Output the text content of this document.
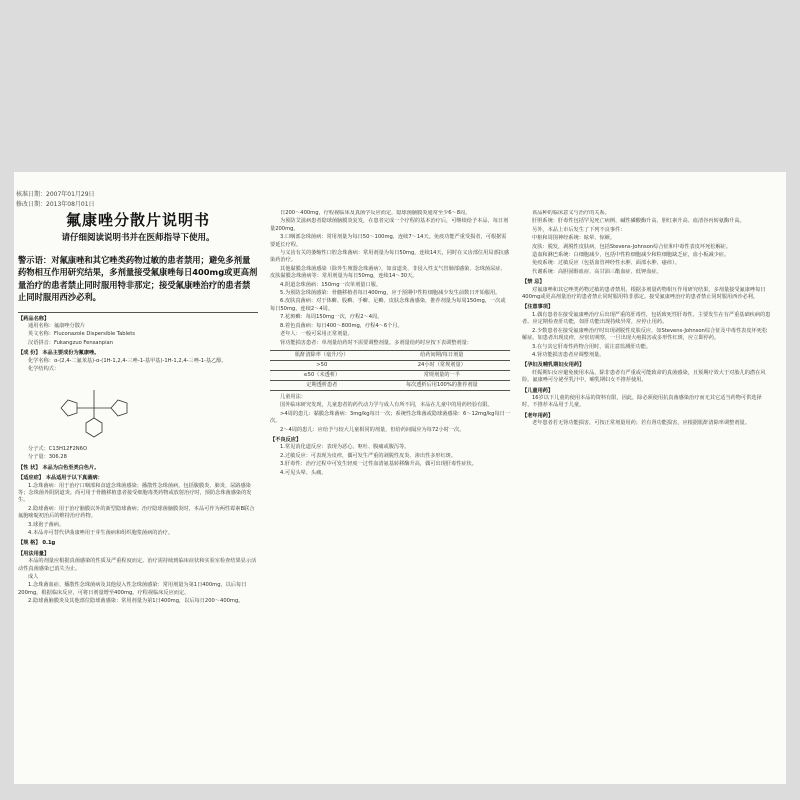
核准日期：2007年01月29日
修改日期：2013年08月01日
氟康唑分散片说明书
请仔细阅读说明书并在医师指导下使用。
警示语：对氟康唑和其它唑类药物过敏的患者禁用；避免多剂量药物相互作用研究结果，多剂量接受氟康唑每日400mg或更高剂量治疗的患者禁止同时服用特非那定；接受氟康唑治疗的患者禁止同时服用西沙必利。
【药品名称】
通用名称：氟康唑分散片
英文名称：Fluconazole Dispersible Tablets
汉语拼音：Fukangzuo Fensanpian
【成 份】 本品主要成份为氟康唑。
化学名称：α-(2,4-二氟苯基)-α-(1H-1,2,4-三唑-1-基甲基)-1H-1,2,4-三唑-1-基乙醇。
化学结构式：
分子式：C13H12F2N6O
分子量：306.28
【性 状】 本品为白色至类白色片。
【适应症】 本品适用于以下真菌病：
1.念珠菌病：用于治疗口咽部和食道念珠菌感染；播散性念珠菌病，包括腹膜炎、肺炎、尿路感染等；念珠菌外阴阴道炎。尚可用于骨髓移植患者接受细胞毒类药物或放射治疗时，预防念珠菌感染的发生。
2.隐球菌病：用于治疗脑膜以外的新型隐球菌病；治疗隐球菌脑膜炎时，本品可作为两性霉素B联合氟胞嘧啶初治后的维持治疗药物。
3.球孢子菌病。
4.本品亦可替代伊曲康唑用于芽生菌病和组织胞浆菌病的治疗。
【规 格】 0.1g
【用法用量】
本品的剂量应根据真菌感染的性质及严重程度而定。治疗需持续到临床症状和实验室检查结果显示活动性真菌感染已消失为止。
成人
1.念珠菌血症、播散性念珠菌病及其他侵入性念珠菌感染：常用剂量为第1日400mg，以后每日200mg，根据临床反应，可将日剂量增至400mg。疗程视临床反应而定。
2.隐球菌脑膜炎及其他部位隐球菌感染：常用剂量为第1日400mg，以后每日200～400mg。
日200～400mg，疗程视临床及真菌学反应而定，隐球菌脑膜炎通常至少6～8周。
为预防艾滋病患者隐球菌脑膜炎复发，在患者完成一个疗程的基本治疗后，可继续给予本品，每日剂量200mg。
3.口咽部念珠菌病：常用剂量为每日50～100mg，连续7～14天。免疫功能严重受损者，可根据需要延长疗程。
与义齿有关的萎缩性口腔念珠菌病：常用剂量为每日50mg，连续14天，同时在义齿部位用局部抗感染药治疗。
其他黏膜念珠菌感染（除外生殖器念珠菌病），如食道炎、非侵入性支气管肺部感染、念珠菌尿症、皮肤黏膜念珠菌病等：常用剂量为每日50mg，连续14～30天。
4.阴道念珠菌病：150mg一次单剂量口服。
5.为预防念珠菌感染：骨髓移植者每日400mg，应于预期中性粒细胞减少发生前数日开始服用。
6.皮肤真菌病：对于体癣、股癣、手癣、足癣、皮肤念珠菌感染，推荐剂量为每周150mg，一次或每日50mg，连续2～4周。
7.花斑癣：每周150mg一次，疗程2～4周。
8.着色真菌病：每日400～800mg，疗程4～6个月。
老年人：一般可采用正常剂量。
肾功能损害患者：单剂量给药时不需要调整剂量。多剂量给药时应按下表调整剂量：
肌酐清除率（毫升/分）	给药间期/每日剂量
>50	24小时（常规剂量）
≤50（未透析）	常规剂量的一半
定期透析患者	每次透析后用100%的推荐剂量
儿童用法：
国外临床研究发现，儿童患者的药代动力学与成人有所不同，本品在儿童中的用药经验有限。
>4周的患儿：黏膜念珠菌病：3mg/kg每日一次；系统性念珠菌或隐球菌感染：6～12mg/kg每日一次。
2～4周的患儿：应给予与较大儿童相同的剂量，但给药间隔应为每72小时一次。
【不良反应】
1.常见消化道反应：表现为恶心、呕吐、腹痛或腹泻等。
2.过敏反应：可表现为皮疹，偶可发生严重的剥脱性皮炎、渗出性多形红斑。
3.肝毒性：治疗过程中可发生轻度一过性血清氨基转移酶升高，偶可出现肝毒性症状。
4.可见头晕、头痛。
该品种的临床意义与治疗的关系。
肝胆系统：肝毒性包括罕见死亡病例、碱性磷酸酶升高、胆红素升高、血清谷丙转氨酶升高。
另外，本品上市后发生了下列不良事件：
中枢和周围神经系统：眩晕、惊厥。
皮肤：脱发，剥脱性皮肤病，包括Stevens-Johnson综合征和中毒性表皮坏死松解症。
造血和淋巴系统：白细胞减少，包括中性粒细胞减少和粒细胞缺乏症，血小板减少症。
免疫系统：过敏反应（包括血管神经性水肿、面部水肿、瘙痒）。
代谢系统：高胆固醇血症、高甘油三酯血症、低钾血症。
【禁 忌】
对氟康唑和其它唑类药物过敏的患者禁用。根据多剂量药物相互作用研究结果，多剂量接受氟康唑每日400mg或更高剂量治疗的患者禁止同时服用特非那定。接受氟康唑治疗的患者禁止同时服用西沙必利。
【注意事项】
1.偶有患者在接受氟康唑治疗后出现严重的肝毒性，包括致死性肝毒性，主要发生在有严重基础疾病的患者。应定期检查肝功能，如肝功能出现持续异常，应停止用药。
2.少数患者在接受氟康唑治疗时出现剥脱性皮肤反应，如Stevens-Johnson综合征及中毒性表皮坏死松解症。如患者出现皮疹，应密切观察，一旦出现大疱损害或多形性红斑，应立即停药。
3.在与其它肝毒性药物合用时，需注意监测肝功能。
4.肾功能损害患者应调整剂量。
【孕妇及哺乳期妇女用药】
妊娠期妇女应避免使用本品，除非患者有严重或可能致命的真菌感染，且预期疗效大于对胎儿的潜在风险。氟康唑可分泌至乳汁中，哺乳期妇女不推荐使用。
【儿童用药】
16岁以下儿童的使用本品的资料有限，因此，除必须使用抗真菌感染治疗而无其它适当药物可供选择时，不推荐本品用于儿童。
【老年用药】
老年患者若无肾功能损害，可按正常剂量用药；若有肾功能损害，应根据肌酐清除率调整剂量。
